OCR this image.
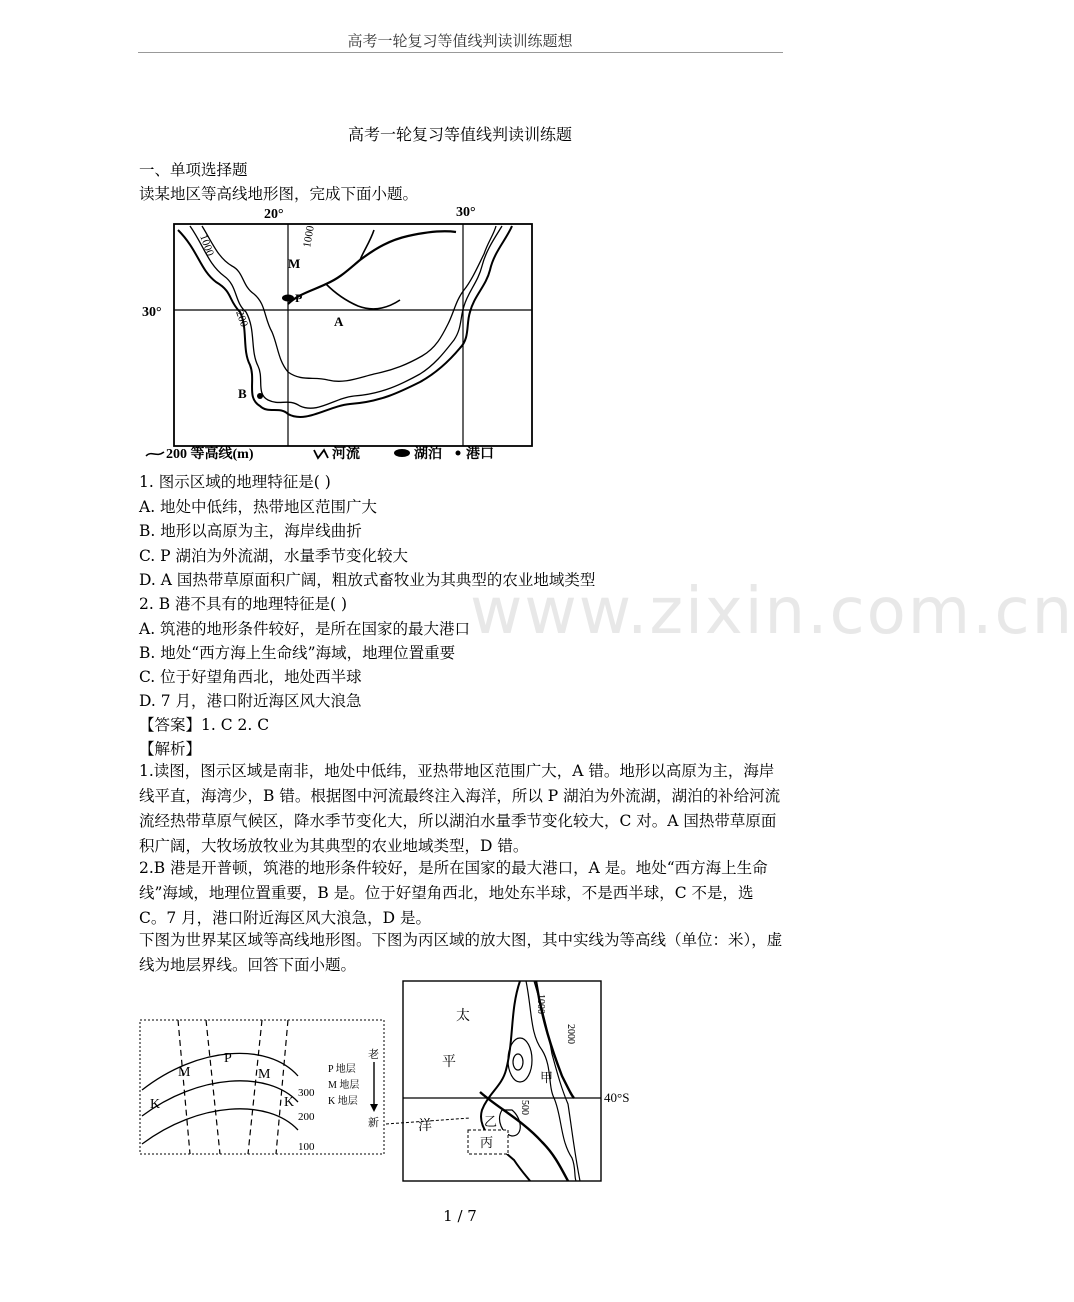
高考一轮复习等值线判读训练题想
www.zixin.com.cn
高考一轮复习等值线判读训练题
一、单项选择题
读某地区等高线地形图，完成下面小题。
20°	30°
30°
M
P
A
B
1000	1000
200
200 等高线(m)	河流	湖泊 港口
1. 图示区域的地理特征是( )
A. 地处中低纬，热带地区范围广大
B. 地形以高原为主，海岸线曲折
C. P 湖泊为外流湖，水量季节变化较大
D. A 国热带草原面积广阔，粗放式畜牧业为其典型的农业地域类型
2. B 港不具有的地理特征是( )
A. 筑港的地形条件较好，是所在国家的最大港口
B. 地处“西方海上生命线”海域，地理位置重要
C. 位于好望角西北，地处西半球
D. 7 月，港口附近海区风大浪急
【答案】1. C 2. C
【解析】
1.读图，图示区域是南非，地处中低纬，亚热带地区范围广大，A 错。地形以高原为主，海岸线平直，海湾少，B 错。根据图中河流最终注入海洋，所以 P 湖泊为外流湖，湖泊的补给河流流经热带草原气候区，降水季节变化大，所以湖泊水量季节变化较大，C 对。A 国热带草原面积广阔，大牧场放牧业为其典型的农业地域类型，D 错。
2.B 港是开普顿，筑港的地形条件较好，是所在国家的最大港口，A 是。地处“西方海上生命线”海域，地理位置重要，B 是。位于好望角西北，地处东半球，不是西半球，C 不是，选 C。7 月，港口附近海区风大浪急，D 是。
下图为世界某区域等高线地形图。下图为丙区域的放大图，其中实线为等高线（单位：米），虚线为地层界线。回答下面小题。
K
M
P
M
K
300
200
100
P 地层
M 地层
K 地层
老
新
40°S
太
平
洋
1000
2000
500
甲
乙
丙
1 / 7
